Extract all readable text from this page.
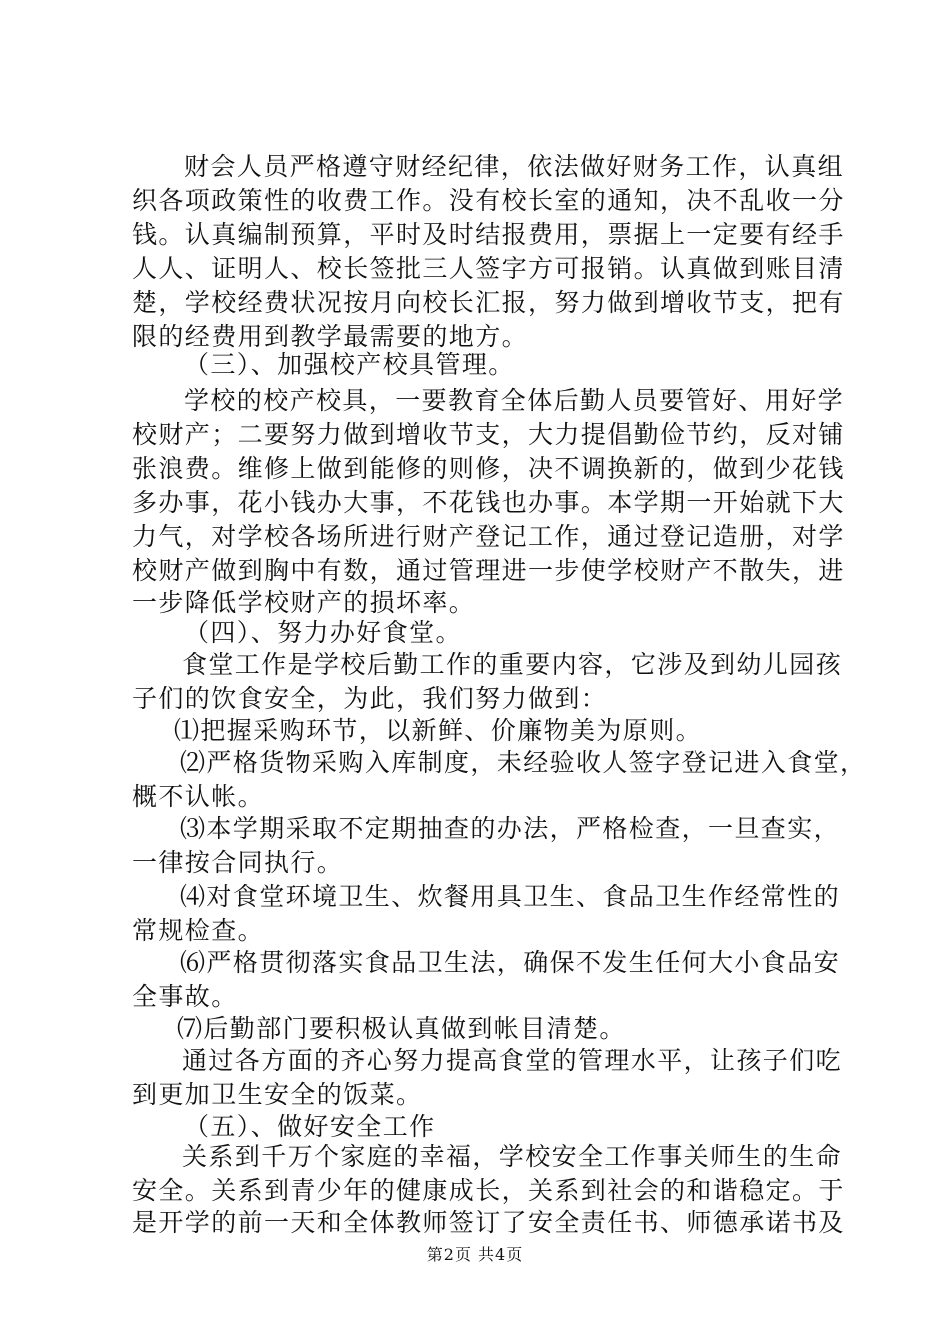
财会人员严格遵守财经纪律，依法做好财务工作，认真组
织各项政策性的收费工作。没有校长室的通知，决不乱收一分
钱。认真编制预算，平时及时结报费用，票据上一定要有经手
人人、证明人、校长签批三人签字方可报销。认真做到账目清
楚，学校经费状况按月向校长汇报，努力做到增收节支，把有
限的经费用到教学最需要的地方。
（三）、加强校产校具管理。
学校的校产校具，一要教育全体后勤人员要管好、用好学
校财产；二要努力做到增收节支，大力提倡勤俭节约，反对铺
张浪费。维修上做到能修的则修，决不调换新的，做到少花钱
多办事，花小钱办大事，不花钱也办事。本学期一开始就下大
力气，对学校各场所进行财产登记工作，通过登记造册，对学
校财产做到胸中有数，通过管理进一步使学校财产不散失，进
一步降低学校财产的损坏率。
（四）、努力办好食堂。
食堂工作是学校后勤工作的重要内容，它涉及到幼儿园孩
子们的饮食安全，为此，我们努力做到：
⑴把握采购环节，以新鲜、价廉物美为原则。
⑵严格货物采购入库制度，未经验收人签字登记进入食堂，
概不认帐。
⑶本学期采取不定期抽查的办法，严格检查，一旦查实，
一律按合同执行。
⑷对食堂环境卫生、炊餐用具卫生、食品卫生作经常性的
常规检查。
⑹严格贯彻落实食品卫生法，确保不发生任何大小食品安
全事故。
⑺后勤部门要积极认真做到帐目清楚。
通过各方面的齐心努力提高食堂的管理水平，让孩子们吃
到更加卫生安全的饭菜。
（五）、做好安全工作
关系到千万个家庭的幸福，学校安全工作事关师生的生命
安全。关系到青少年的健康成长，关系到社会的和谐稳定。于
是开学的前一天和全体教师签订了安全责任书、师德承诺书及
第2页 共4页
